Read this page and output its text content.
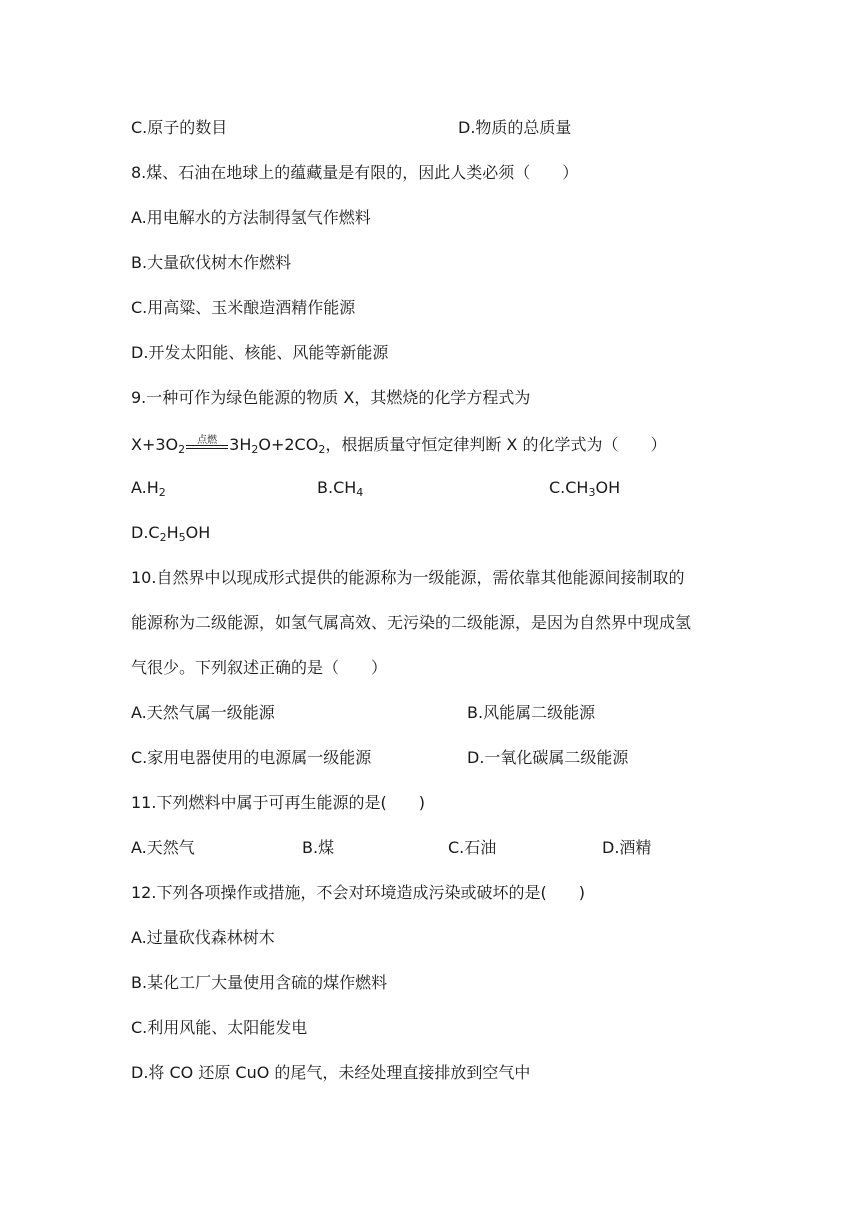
C.原子的数目	D.物质的总质量
8.煤、石油在地球上的蕴藏量是有限的，因此人类必须（　　）
A.用电解水的方法制得氢气作燃料
B.大量砍伐树木作燃料
C.用高粱、玉米酿造酒精作能源
D.开发太阳能、核能、风能等新能源
9.一种可作为绿色能源的物质 X，其燃烧的化学方程式为
$X+3O_2$
点燃 $3H_2O+2CO_2$，根据质量守恒定律判断 X 的化学式为（　　）
$A.H_2$	$B.CH_4$	$C.CH_3OH$
$D.C_2H_5OH$
10.自然界中以现成形式提供的能源称为一级能源，需依靠其他能源间接制取的
能源称为二级能源，如氢气属高效、无污染的二级能源，是因为自然界中现成氢
气很少。下列叙述正确的是（　　）
A.天然气属一级能源	B.风能属二级能源
C.家用电器使用的电源属一级能源	D.一氧化碳属二级能源
11.下列燃料中属于可再生能源的是(　　)
A.天然气	B.煤	C.石油	D.酒精
12.下列各项操作或措施，不会对环境造成污染或破坏的是(　　)
A.过量砍伐森林树木
B.某化工厂大量使用含硫的煤作燃料
C.利用风能、太阳能发电
D.将 CO 还原 CuO 的尾气，未经处理直接排放到空气中
